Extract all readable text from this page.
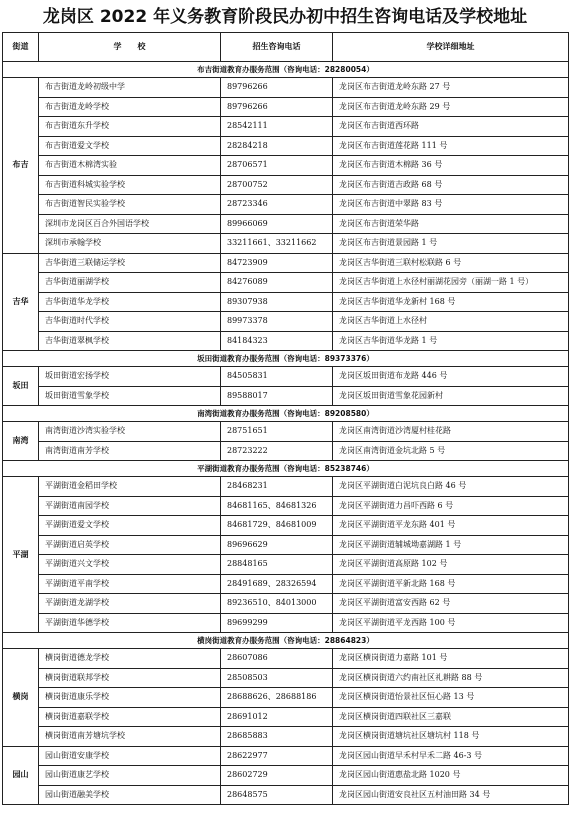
龙岗区 2022 年义务教育阶段民办初中招生咨询电话及学校地址
街道	学　　校	招生咨询电话	学校详细地址
布吉街道教育办服务范围（咨询电话：28280054）			
布吉	布吉街道龙岭初级中学	89796266	龙岗区布吉街道龙岭东路 27 号
	布吉街道龙岭学校	89796266	龙岗区布吉街道龙岭东路 29 号
	布吉街道东升学校	28542111	龙岗区布吉街道西环路
	布吉街道爱文学校	28284218	龙岗区布吉街道莲花路 111 号
	布吉街道木棉湾实验	28706571	龙岗区布吉街道木棉路 36 号
	布吉街道科城实验学校	28700752	龙岗区布吉街道吉政路 68 号
	布吉街道智民实验学校	28723346	龙岗区布吉街道中翠路 83 号
	深圳市龙岗区百合外国语学校	89966069	龙岗区布吉街道荣华路
	深圳市承翰学校	33211661、33211662	龙岗区布吉街道景园路 1 号
吉华	吉华街道三联储运学校	84723909	龙岗区吉华街道三联村松联路 6 号
	吉华街道丽湖学校	84276089	龙岗区吉华街道上水径村丽湖花园旁（丽湖一路 1 号）
	吉华街道华龙学校	89307938	龙岗区吉华街道华龙新村 168 号
	吉华街道时代学校	89973378	龙岗区吉华街道上水径村
	吉华街道翠枫学校	84184323	龙岗区吉华街道华龙路 1 号
坂田街道教育办服务范围（咨询电话：89373376）			
坂田	坂田街道宏扬学校	84505831	龙岗区坂田街道布龙路 446 号
	坂田街道雪象学校	89588017	龙岗区坂田街道雪象花园新村
南湾街道教育办服务范围（咨询电话：89208580）			
南湾	南湾街道沙湾实验学校	28751651	龙岗区南湾街道沙湾厦村桂花路
	南湾街道南芳学校	28723222	龙岗区南湾街道金坑北路 5 号
平湖街道教育办服务范围（咨询电话：85238746）			
平湖	平湖街道金稻田学校	28468231	龙岗区平湖街道白泥坑良白路 46 号
	平湖街道南园学校	84681165、84681326	龙岗区平湖街道力昌吓西路 6 号
	平湖街道爱文学校	84681729、84681009	龙岗区平湖街道平龙东路 401 号
	平湖街道启英学校	89696629	龙岗区平湖街道辅城坳嘉湖路 1 号
	平湖街道兴文学校	28848165	龙岗区平湖街道高原路 102 号
	平湖街道平南学校	28491689、28326594	龙岗区平湖街道平新北路 168 号
	平湖街道龙湖学校	89236510、84013000	龙岗区平湖街道富安西路 62 号
	平湖街道华德学校	89699299	龙岗区平湖街道平龙西路 100 号
横岗街道教育办服务范围（咨询电话：28864823）			
横岗	横岗街道德龙学校	28607086	龙岗区横岗街道力嘉路 101 号
	横岗街道联邦学校	28508503	龙岗区横岗街道六约南社区礼耕路 88 号
	横岗街道康乐学校	28688626、28688186	龙岗区横岗街道怡景社区恒心路 13 号
	横岗街道嘉联学校	28691012	龙岗区横岗街道四联社区三嘉联
	横岗街道南芳塘坑学校	28685883	龙岗区横岗街道塘坑社区塘坑村 118 号
园山	园山街道安康学校	28622977	龙岗区园山街道早禾村早禾二路 46-3 号
	园山街道康艺学校	28602729	龙岗区园山街道惠盐北路 1020 号
	园山街道融美学校	28648575	龙岗区园山街道安良社区五村油田路 34 号
